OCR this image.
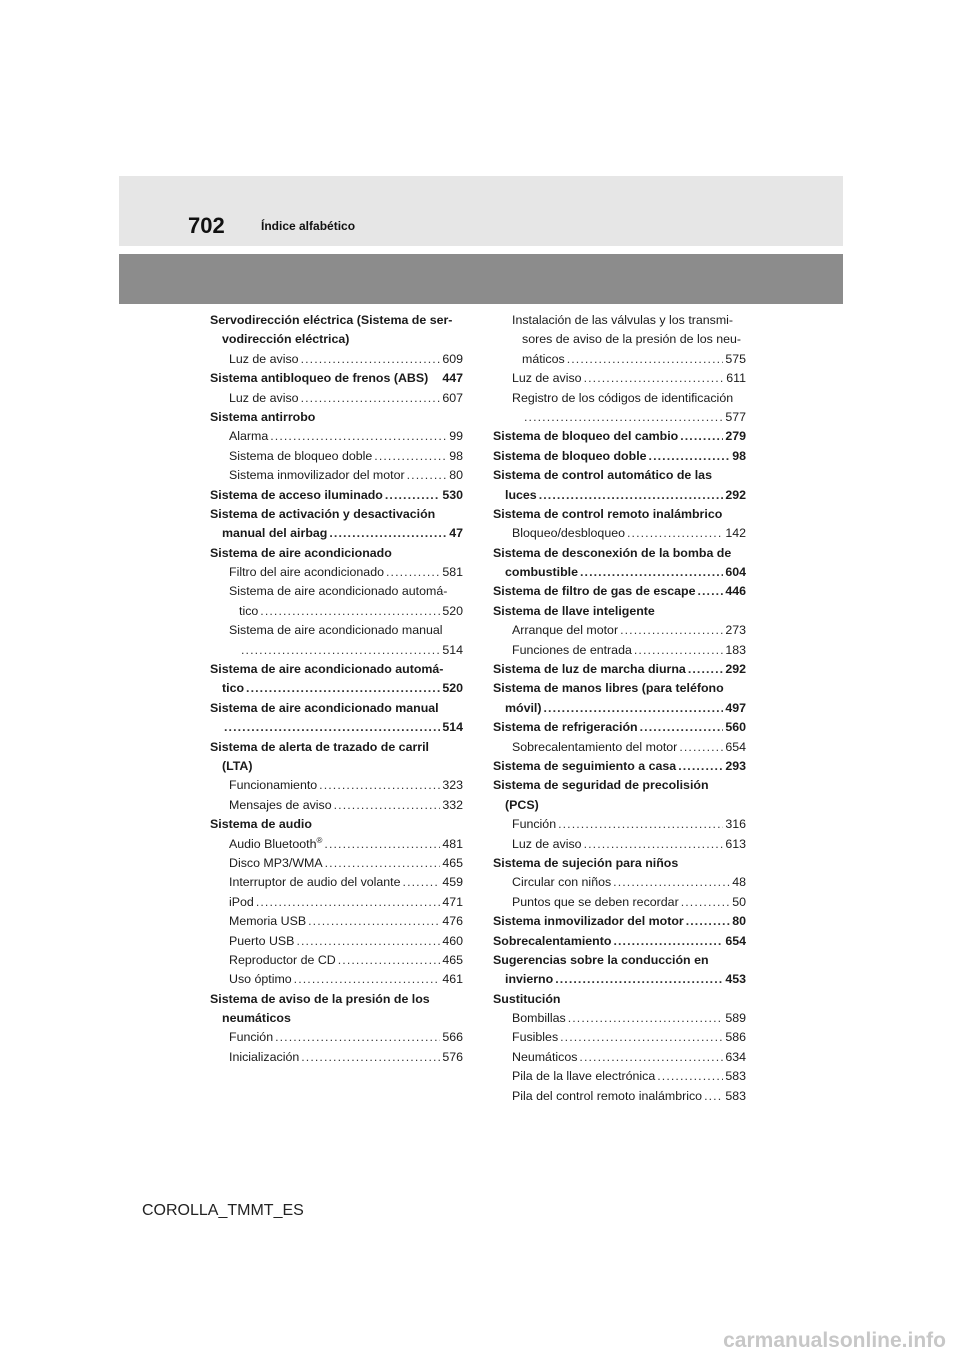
702	Índice alfabético
Servodirección eléctrica (Sistema de ser-
vodirección eléctrica)
Luz de aviso .....	609
Sistema antibloqueo de frenos (ABS) 447
Luz de aviso .....	607
Sistema antirrobo
Alarma .....	99
Sistema de bloqueo doble .....	98
Sistema inmovilizador del motor .....	80
Sistema de acceso iluminado .....	530
Sistema de activación y desactivación
manual del airbag .....	47
Sistema de aire acondicionado
Filtro del aire acondicionado .....	581
Sistema de aire acondicionado automá-
tico .....	520
Sistema de aire acondicionado manual
.....
514
Sistema de aire acondicionado automá-
tico .....	520
Sistema de aire acondicionado manual
.....
514
Sistema de alerta de trazado de carril
(LTA)
Funcionamiento .....	323
Mensajes de aviso .....	332
Sistema de audio
Audio Bluetooth® .....	481
Disco MP3/WMA .....	465
Interruptor de audio del volante .....	459
iPod .....	471
Memoria USB .....	476
Puerto USB .....	460
Reproductor de CD .....	465
Uso óptimo .....	461
Sistema de aviso de la presión de los
neumáticos
Función .....	566
Inicialización .....	576
Instalación de las válvulas y los transmi-
sores de aviso de la presión de los neu-
máticos .....	575
Luz de aviso .....	611
Registro de los códigos de identificación
.....
577
Sistema de bloqueo del cambio .....	279
Sistema de bloqueo doble .....	98
Sistema de control automático de las
luces .....	292
Sistema de control remoto inalámbrico
Bloqueo/desbloqueo .....	142
Sistema de desconexión de la bomba de
combustible .....	604
Sistema de filtro de gas de escape ..... 446
Sistema de llave inteligente
Arranque del motor .....	273
Funciones de entrada .....	183
Sistema de luz de marcha diurna .....	292
Sistema de manos libres (para teléfono
móvil) .....	497
Sistema de refrigeración .....	560
Sobrecalentamiento del motor .....	654
Sistema de seguimiento a casa .....	293
Sistema de seguridad de precolisión
(PCS)
Función .....	316
Luz de aviso .....	613
Sistema de sujeción para niños
Circular con niños .....	48
Puntos que se deben recordar .....	50
Sistema inmovilizador del motor .....	80
Sobrecalentamiento .....	654
Sugerencias sobre la conducción en
invierno .....	453
Sustitución
Bombillas .....	589
Fusibles .....	586
Neumáticos .....	634
Pila de la llave electrónica .....	583
Pila del control remoto inalámbrico ..... 583
COROLLA_TMMT_ES
carmanualsonline.info
